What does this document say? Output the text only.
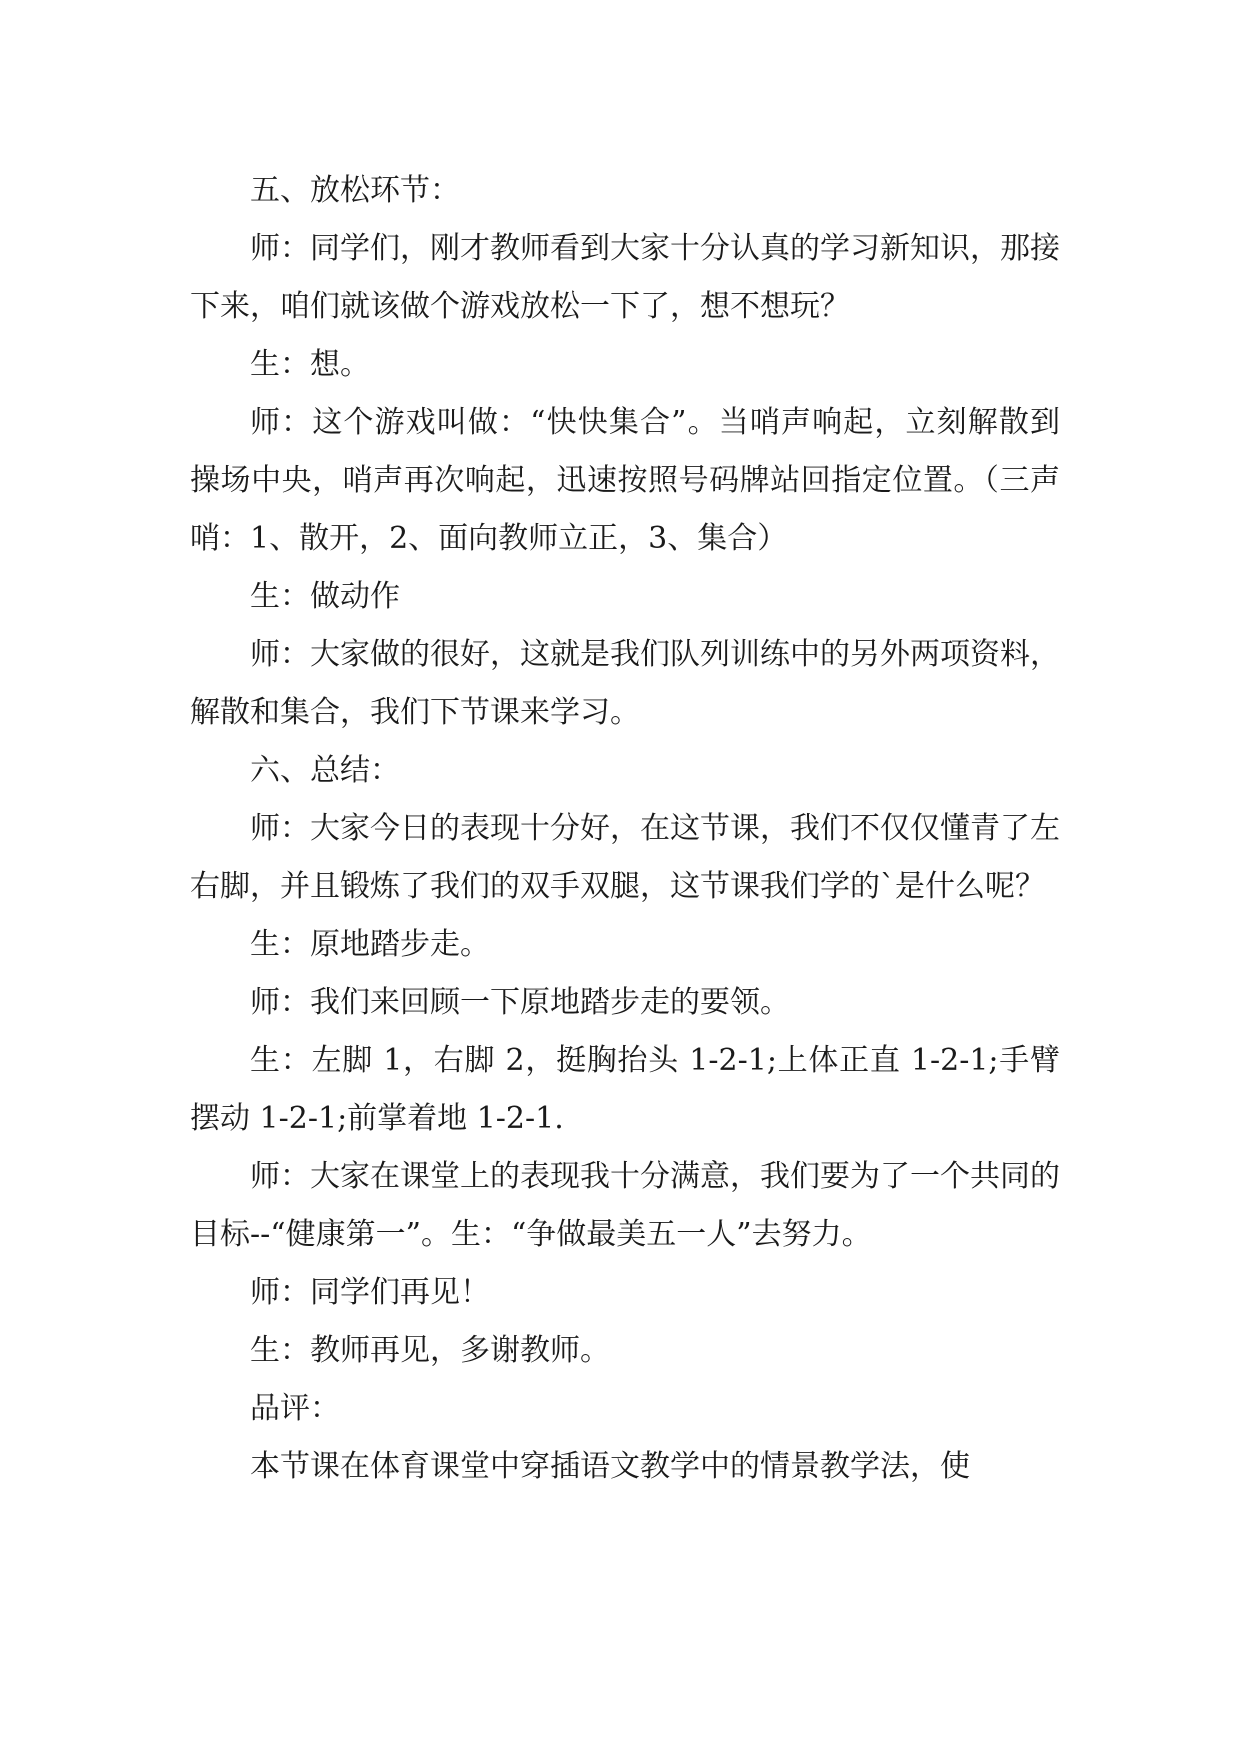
五、放松环节：

师：同学们，刚才教师看到大家十分认真的学习新知识，那接下来，咱们就该做个游戏放松一下了，想不想玩？

生：想。

师：这个游戏叫做：“快快集合”。当哨声响起，立刻解散到操场中央，哨声再次响起，迅速按照号码牌站回指定位置。（三声哨：1、散开，2、面向教师立正，3、集合）

生：做动作

师：大家做的很好，这就是我们队列训练中的另外两项资料，解散和集合，我们下节课来学习。

六、总结：

师：大家今日的表现十分好，在这节课，我们不仅仅懂青了左右脚，并且锻炼了我们的双手双腿，这节课我们学的`是什么呢？

生：原地踏步走。

师：我们来回顾一下原地踏步走的要领。

生：左脚 1，右脚 2，挺胸抬头 1-2-1;上体正直 1-2-1;手臂摆动 1-2-1;前掌着地 1-2-1.

师：大家在课堂上的表现我十分满意，我们要为了一个共同的目标--“健康第一”。生：“争做最美五一人”去努力。

师：同学们再见！

生：教师再见，多谢教师。

品评：

本节课在体育课堂中穿插语文教学中的情景教学法，使
